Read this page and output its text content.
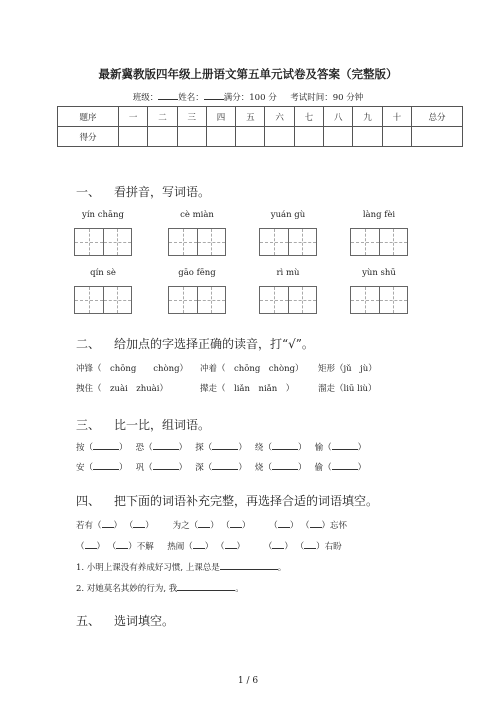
最新冀教版四年级上册语文第五单元试卷及答案（完整版）
班级： 姓名： 满分：100 分 考试时间：90 分钟
题序	一	二	三	四	五	六	七	八	九	十	总分
得分											
一、 看拼音，写词语。
yín chāng	cè miàn	yuán gù	làng fèi
qín sè	gāo fēng	rì mù	yùn shū
二、 给加点的字选择正确的读音，打“√”。
冲锋（　chōng　　chòng） 冲着（　chōng　chòng） 矩形（jǔ　jù）
拽住（　zuài　zhuài）	撵走（　liǎn　niǎn　）	溜走（liū liù）
三、 比一比，组词语。
按（	）   恐（	）   探（	）   绕（	）   愉（	）
安（	）   巩（	）   深（	）   烧（	）   偷（	）
四、 把下面的词语补充完整，再选择合适的词语填空。
若有（ ） （ ）       为之（ ） （ ）       （ ） （ ）忘怀
（ ） （ ）不解 热闹（ ） （ ）       （ ） （ ）右盼
1. 小明上课没有养成好习惯, 上课总是	。
2. 对她莫名其妙的行为, 我	。
五、 选词填空。
1 / 6
